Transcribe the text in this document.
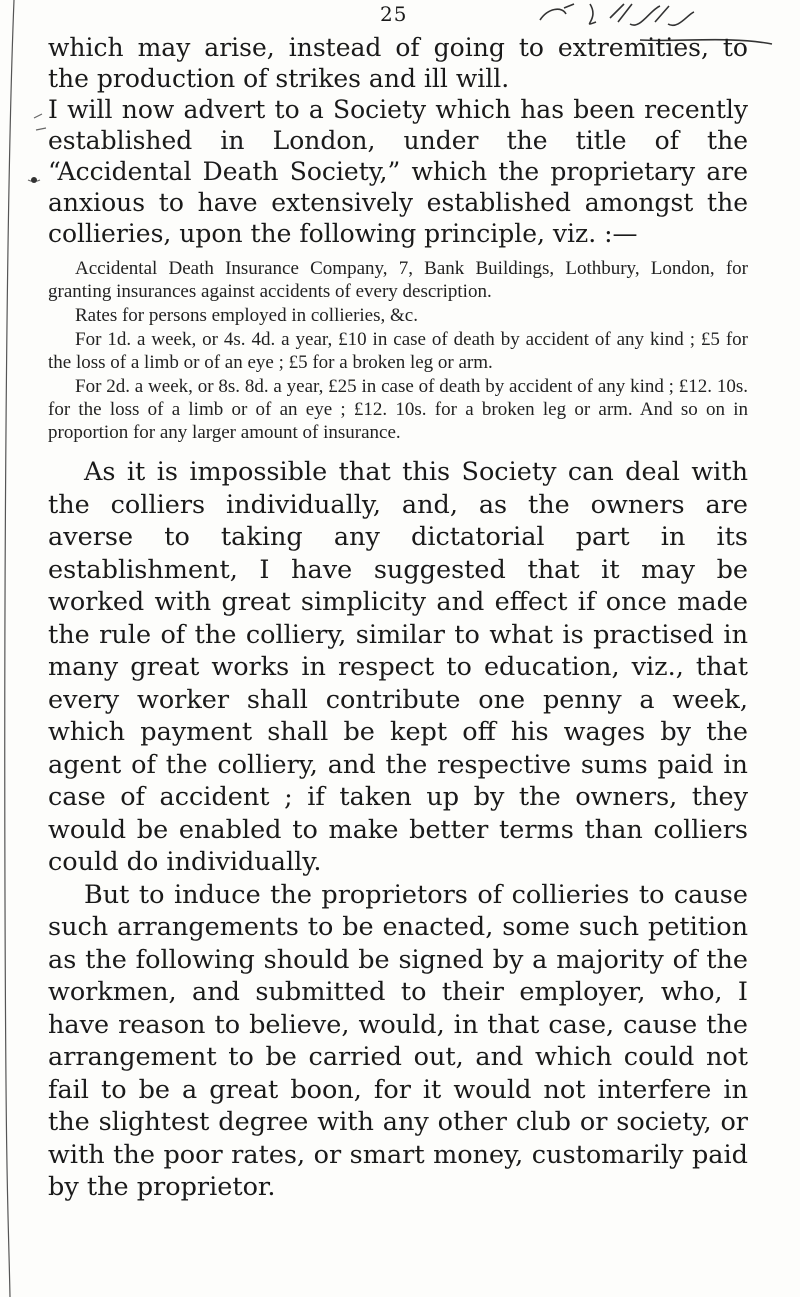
25

which may arise, instead of going to extremities, to the production of strikes and ill will.

I will now advert to a Society which has been recently established in London, under the title of the “Accidental Death Society,” which the proprietary are anxious to have extensively established amongst the collieries, upon the following principle, viz. :—

Accidental Death Insurance Company, 7, Bank Buildings, Lothbury, London, for granting insurances against accidents of every description.

Rates for persons employed in collieries, &c.

For 1d. a week, or 4s. 4d. a year, £10 in case of death by accident of any kind ; £5 for the loss of a limb or of an eye ; £5 for a broken leg or arm.

For 2d. a week, or 8s. 8d. a year, £25 in case of death by accident of any kind ; £12. 10s. for the loss of a limb or of an eye ; £12. 10s. for a broken leg or arm. And so on in proportion for any larger amount of insurance.

As it is impossible that this Society can deal with the colliers individually, and, as the owners are averse to taking any dictatorial part in its establishment, I have suggested that it may be worked with great simplicity and effect if once made the rule of the colliery, similar to what is practised in many great works in respect to education, viz., that every worker shall contribute one penny a week, which payment shall be kept off his wages by the agent of the colliery, and the respective sums paid in case of accident ; if taken up by the owners, they would be enabled to make better terms than colliers could do individually.

But to induce the proprietors of collieries to cause such arrangements to be enacted, some such petition as the following should be signed by a majority of the workmen, and submitted to their employer, who, I have reason to believe, would, in that case, cause the arrangement to be carried out, and which could not fail to be a great boon, for it would not interfere in the slightest degree with any other club or society, or with the poor rates, or smart money, customarily paid by the proprietor.
